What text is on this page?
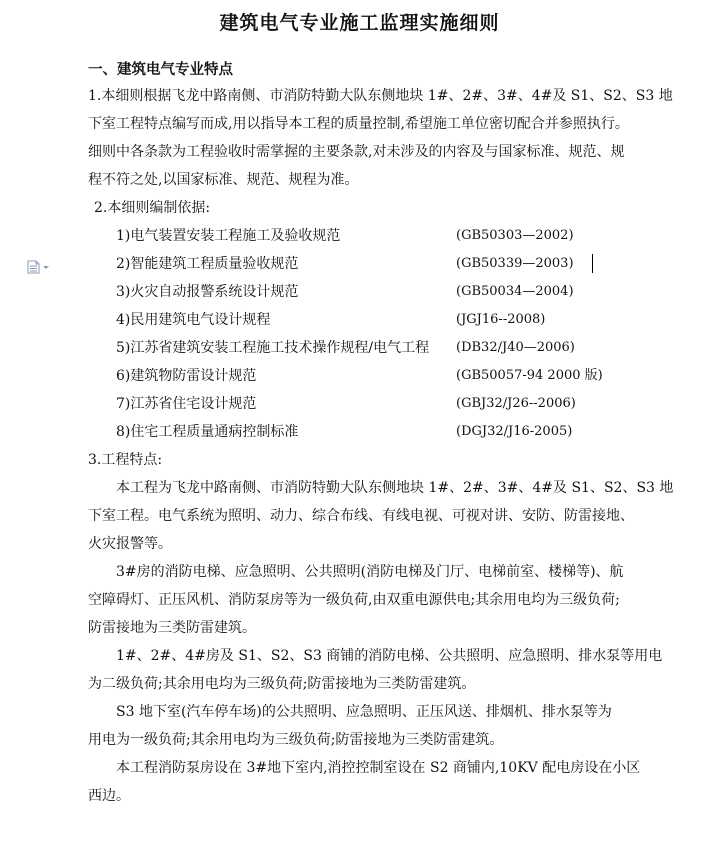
建筑电气专业施工监理实施细则
一、建筑电气专业特点
1.本细则根据飞龙中路南侧、市消防特勤大队东侧地块 1#、2#、3#、4#及 S1、S2、S3 地
下室工程特点编写而成,用以指导本工程的质量控制,希望施工单位密切配合并参照执行。
细则中各条款为工程验收时需掌握的主要条款,对未涉及的内容及与国家标准、规范、规
程不符之处,以国家标准、规范、规程为准。
2.本细则编制依据:
1)电气装置安装工程施工及验收规范	(GB50303—2002)
2)智能建筑工程质量验收规范	(GB50339—2003)
3)火灾自动报警系统设计规范	(GB50034—2004)
4)民用建筑电气设计规程	(JGJ16--2008)
5)江苏省建筑安装工程施工技术操作规程/电气工程 (DB32/J40—2006)
6)建筑物防雷设计规范	(GB50057-94 2000 版)
7)江苏省住宅设计规范	(GBJ32/J26--2006)
8)住宅工程质量通病控制标准	(DGJ32/J16-2005)
3.工程特点:
本工程为飞龙中路南侧、市消防特勤大队东侧地块 1#、2#、3#、4#及 S1、S2、S3 地
下室工程。电气系统为照明、动力、综合布线、有线电视、可视对讲、安防、防雷接地、
火灾报警等。
3#房的消防电梯、应急照明、公共照明(消防电梯及门厅、电梯前室、楼梯等)、航
空障碍灯、正压风机、消防泵房等为一级负荷,由双重电源供电;其余用电均为三级负荷;
防雷接地为三类防雷建筑。
1#、2#、4#房及 S1、S2、S3 商铺的消防电梯、公共照明、应急照明、排水泵等用电
为二级负荷;其余用电均为三级负荷;防雷接地为三类防雷建筑。
S3 地下室(汽车停车场)的公共照明、应急照明、正压风送、排烟机、排水泵等为
用电为一级负荷;其余用电均为三级负荷;防雷接地为三类防雷建筑。
本工程消防泵房设在 3#地下室内,消控控制室设在 S2 商铺内,10KV 配电房设在小区
西边。
